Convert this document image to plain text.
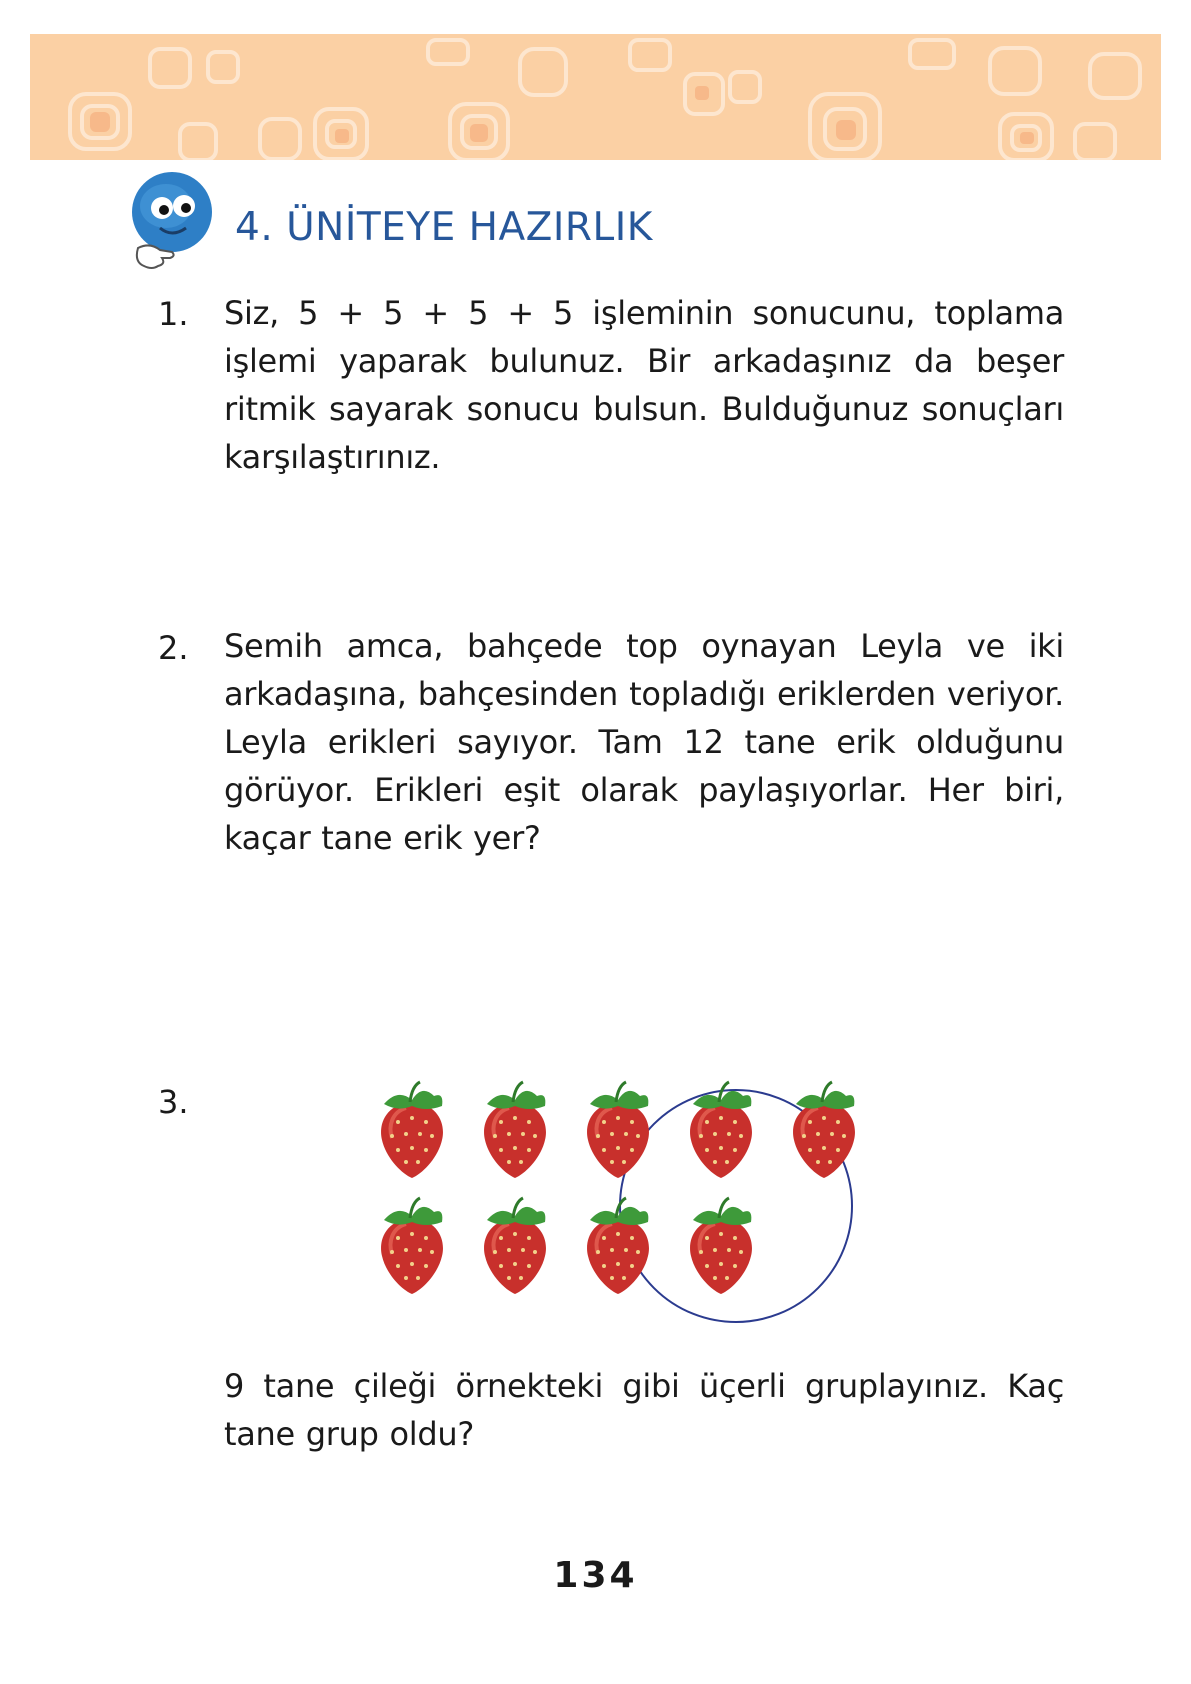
4. ÜNİTEYE HAZIRLIK
1. Siz, 5 + 5 + 5 + 5 işleminin sonucunu, toplama işlemi yaparak bulunuz. Bir arkadaşınız da beşer ritmik sayarak sonucu bulsun. Bulduğunuz sonuçları karşılaştırınız.
2. Semih amca, bahçede top oynayan Leyla ve iki arkadaşına, bahçesinden topladığı eriklerden veriyor. Leyla erikleri sayıyor. Tam 12 tane erik olduğunu görüyor. Erikleri eşit olarak paylaşıyorlar. Her biri, kaçar tane erik yer?
3.
9 tane çileği örnekteki gibi üçerli gruplayınız. Kaç tane grup oldu?
134
